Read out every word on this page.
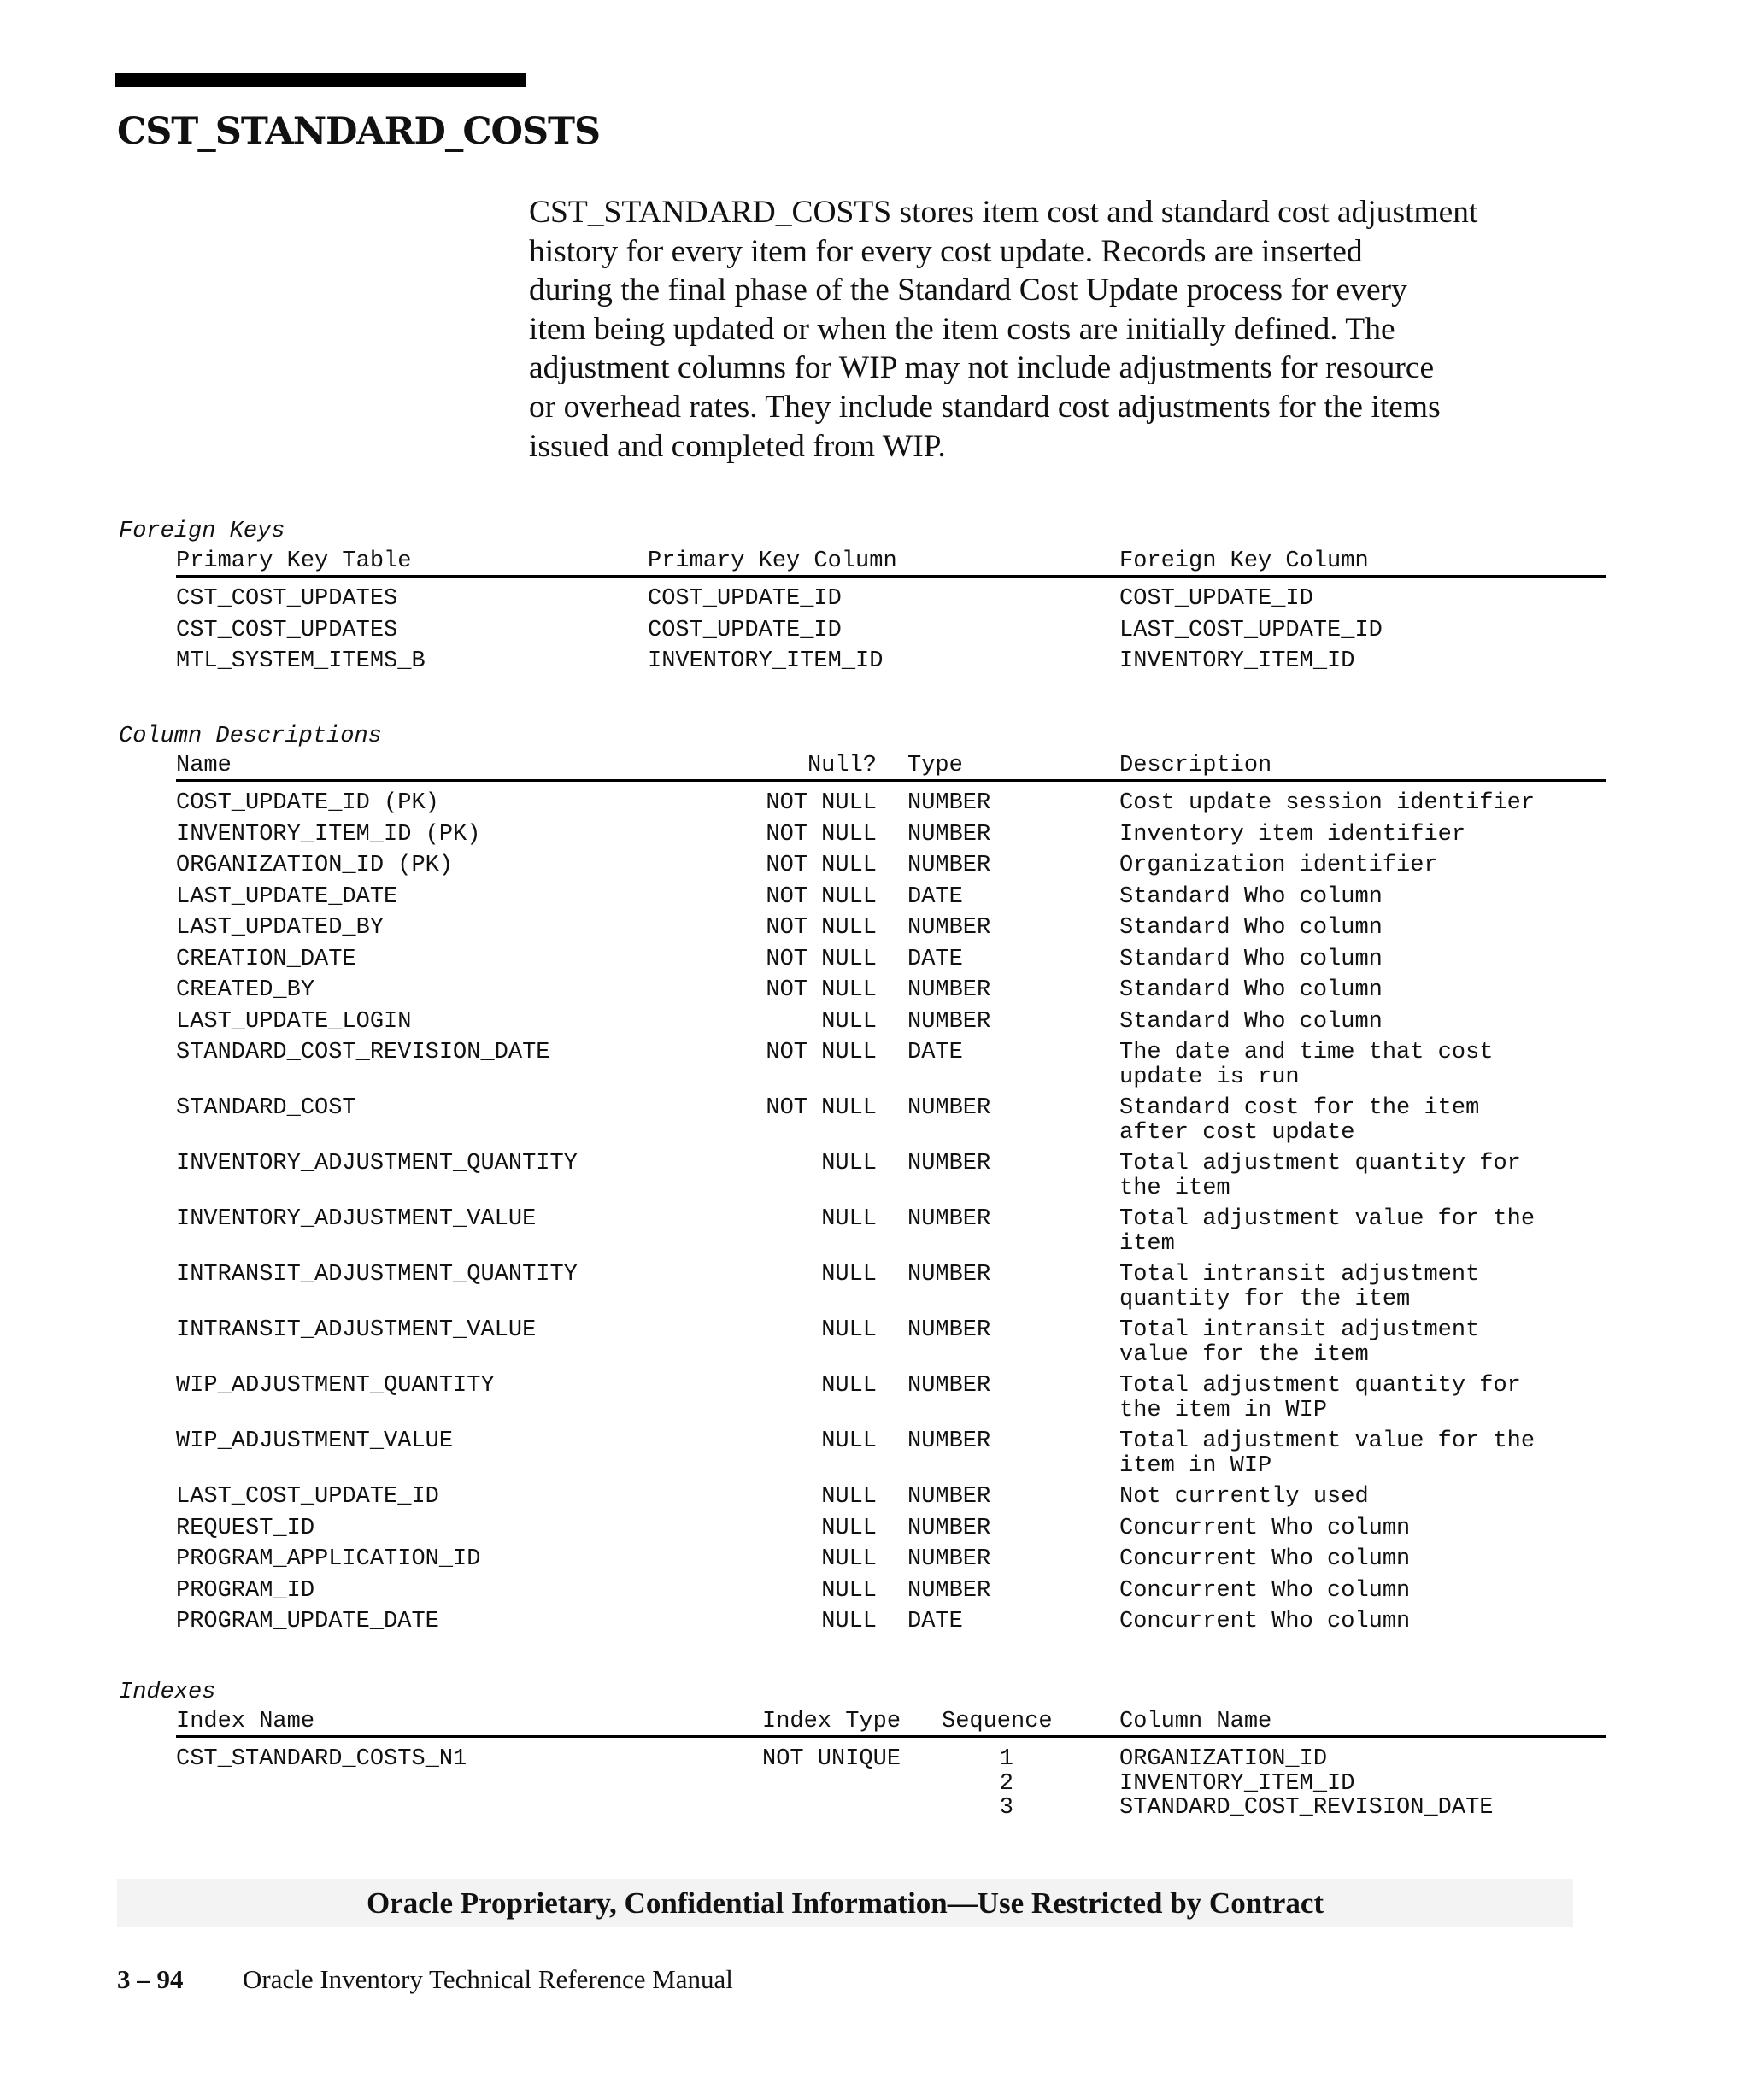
CST_STANDARD_COSTS
CST_STANDARD_COSTS stores item cost and standard cost adjustment
history for every item for every cost update. Records are inserted
during the final phase of the Standard Cost Update process for every
item being updated or when the item costs are initially defined. The
adjustment columns for WIP may not include adjustments for resource
or overhead rates. They include standard cost adjustments for the items
issued and completed from WIP.
Foreign Keys
Primary Key Table	Primary Key Column	Foreign Key Column
CST_COST_UPDATES	COST_UPDATE_ID	COST_UPDATE_ID
CST_COST_UPDATES	COST_UPDATE_ID	LAST_COST_UPDATE_ID
MTL_SYSTEM_ITEMS_B	INVENTORY_ITEM_ID	INVENTORY_ITEM_ID
Column Descriptions
Name	Null? Type	Description
COST_UPDATE_ID (PK)	NOT NULL NUMBER	Cost update session identifier
INVENTORY_ITEM_ID (PK)	NOT NULL NUMBER	Inventory item identifier
ORGANIZATION_ID (PK)	NOT NULL NUMBER	Organization identifier
LAST_UPDATE_DATE	NOT NULL DATE	Standard Who column
LAST_UPDATED_BY	NOT NULL NUMBER	Standard Who column
CREATION_DATE	NOT NULL DATE	Standard Who column
CREATED_BY	NOT NULL NUMBER	Standard Who column
LAST_UPDATE_LOGIN	NULL NUMBER	Standard Who column
STANDARD_COST_REVISION_DATE	NOT NULL DATE	The date and time that cost
update is run
STANDARD_COST	NOT NULL NUMBER	Standard cost for the item
after cost update
INVENTORY_ADJUSTMENT_QUANTITY	NULL NUMBER	Total adjustment quantity for
the item
INVENTORY_ADJUSTMENT_VALUE	NULL NUMBER	Total adjustment value for the
item
INTRANSIT_ADJUSTMENT_QUANTITY	NULL NUMBER	Total intransit adjustment
quantity for the item
INTRANSIT_ADJUSTMENT_VALUE	NULL NUMBER	Total intransit adjustment
value for the item
WIP_ADJUSTMENT_QUANTITY	NULL NUMBER	Total adjustment quantity for
the item in WIP
WIP_ADJUSTMENT_VALUE	NULL NUMBER	Total adjustment value for the
item in WIP
LAST_COST_UPDATE_ID	NULL NUMBER	Not currently used
REQUEST_ID	NULL NUMBER	Concurrent Who column
PROGRAM_APPLICATION_ID	NULL NUMBER	Concurrent Who column
PROGRAM_ID	NULL NUMBER	Concurrent Who column
PROGRAM_UPDATE_DATE	NULL DATE	Concurrent Who column
Indexes
Index Name	Index Type Sequence	Column Name
CST_STANDARD_COSTS_N1	NOT UNIQUE	1	ORGANIZATION_ID
2	INVENTORY_ITEM_ID
3	STANDARD_COST_REVISION_DATE
Oracle Proprietary, Confidential Information––Use Restricted by Contract
3 – 94 Oracle Inventory Technical Reference Manual
